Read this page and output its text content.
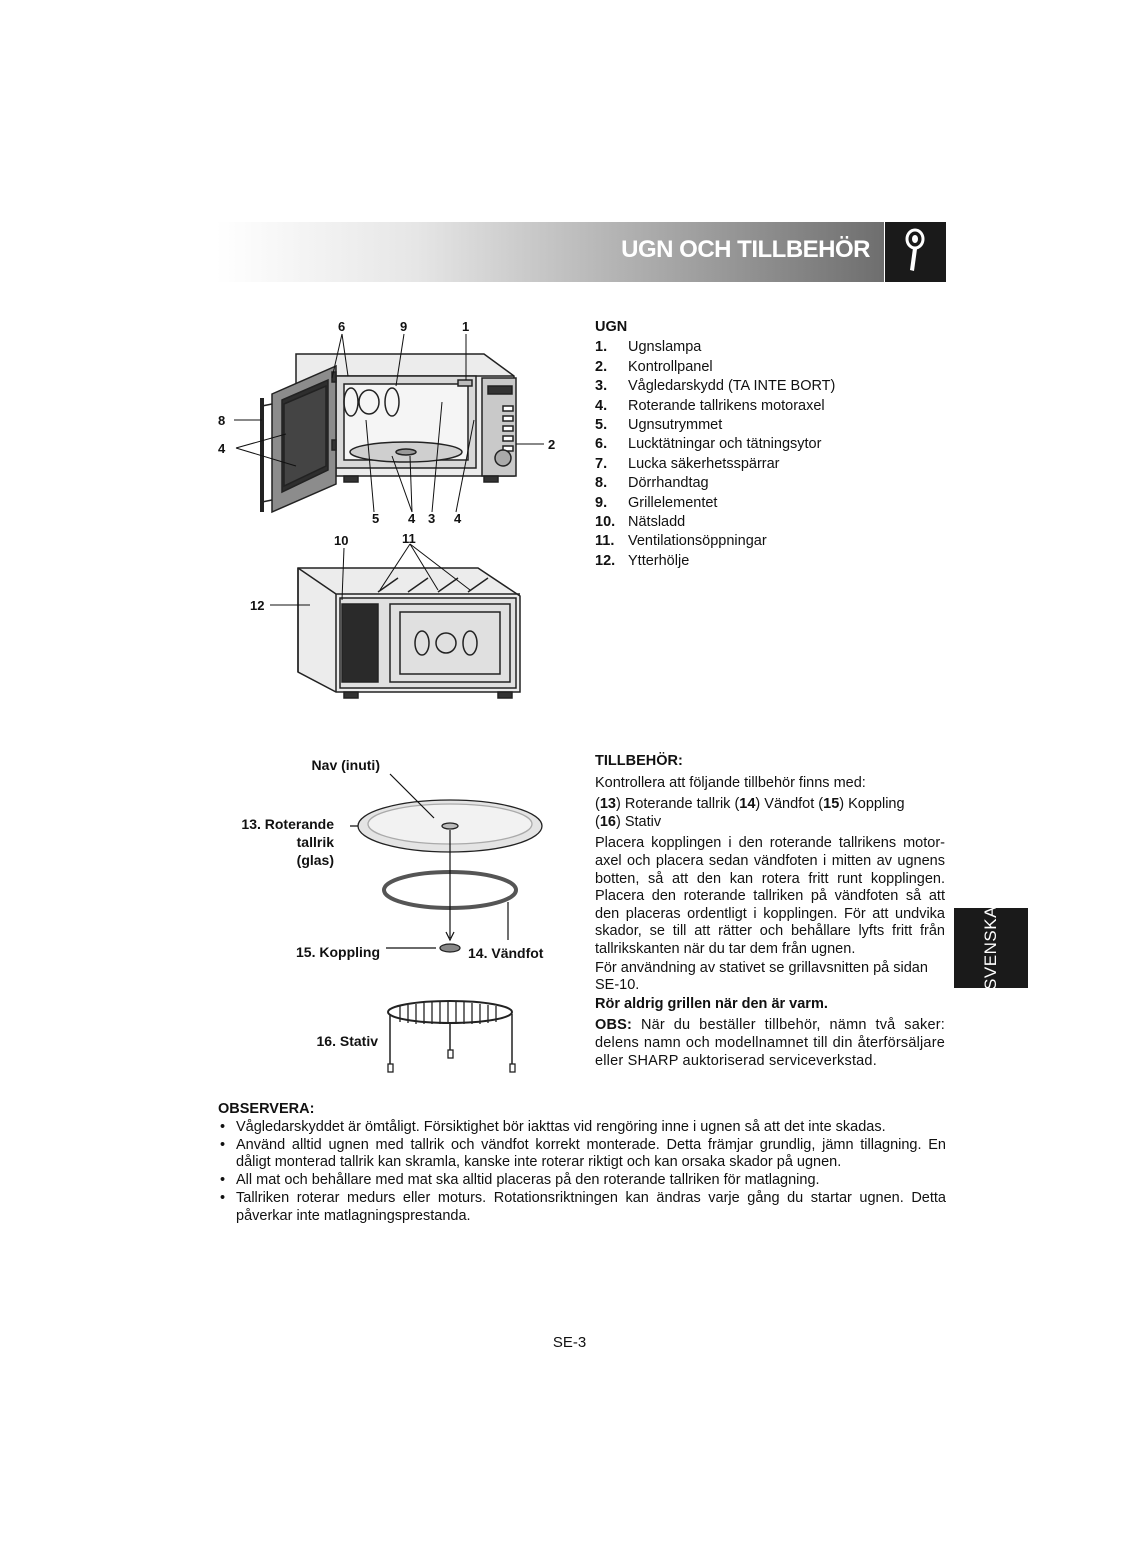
UGN OCH TILLBEHÖR
SVENSKA
6	9	1
8
4	2
5 4 3 4
10	11
12
UGN
1.	Ugnslampa
2.	Kontrollpanel
3.	Vågledarskydd (TA INTE BORT)
4.	Roterande tallrikens motoraxel
5.	Ugnsutrymmet
6.	Lucktätningar och tätningsytor
7.	Lucka säkerhetsspärrar
8.	Dörrhandtag
9.	Grillelementet
10. Nätsladd
11. Ventilationsöppningar
12. Ytterhölje
Nav (inuti)
13. Roterande
tallrik
(glas)
15. Koppling	14. Vändfot
16. Stativ
TILLBEHÖR:

Kontrollera att följande tillbehör finns med:

(13) Roterande tallrik (14) Vändfot (15) Koppling
(16) Stativ

Placera kopplingen i den roterande tallrikens motor-axel och placera sedan vändfoten i mitten av ugnens botten, så att den kan rotera fritt runt kopplingen. Placera den roterande tallriken på vändfoten så att den placeras ordentligt i kopplingen. För att undvika skador, se till att rätter och behållare lyfts fritt från tallrikskanten när du tar dem från ugnen.

För användning av stativet se grillavsnitten på sidan SE-10.

Rör aldrig grillen när den är varm.

OBS: När du beställer tillbehör, nämn två saker: delens namn och modellnamnet till din återförsäljare eller SHARP auktoriserad serviceverkstad.

OBSERVERA:
• Vågledarskyddet är ömtåligt. Försiktighet bör iakttas vid rengöring inne i ugnen så att det inte skadas.
• Använd alltid ugnen med tallrik och vändfot korrekt monterade. Detta främjar grundlig, jämn tillagning. En dåligt monterad tallrik kan skramla, kanske inte roterar riktigt och kan orsaka skador på ugnen.
• All mat och behållare med mat ska alltid placeras på den roterande tallriken för matlagning.
• Tallriken roterar medurs eller moturs. Rotationsriktningen kan ändras varje gång du startar ugnen. Detta påverkar inte matlagningsprestanda.
SE-3
